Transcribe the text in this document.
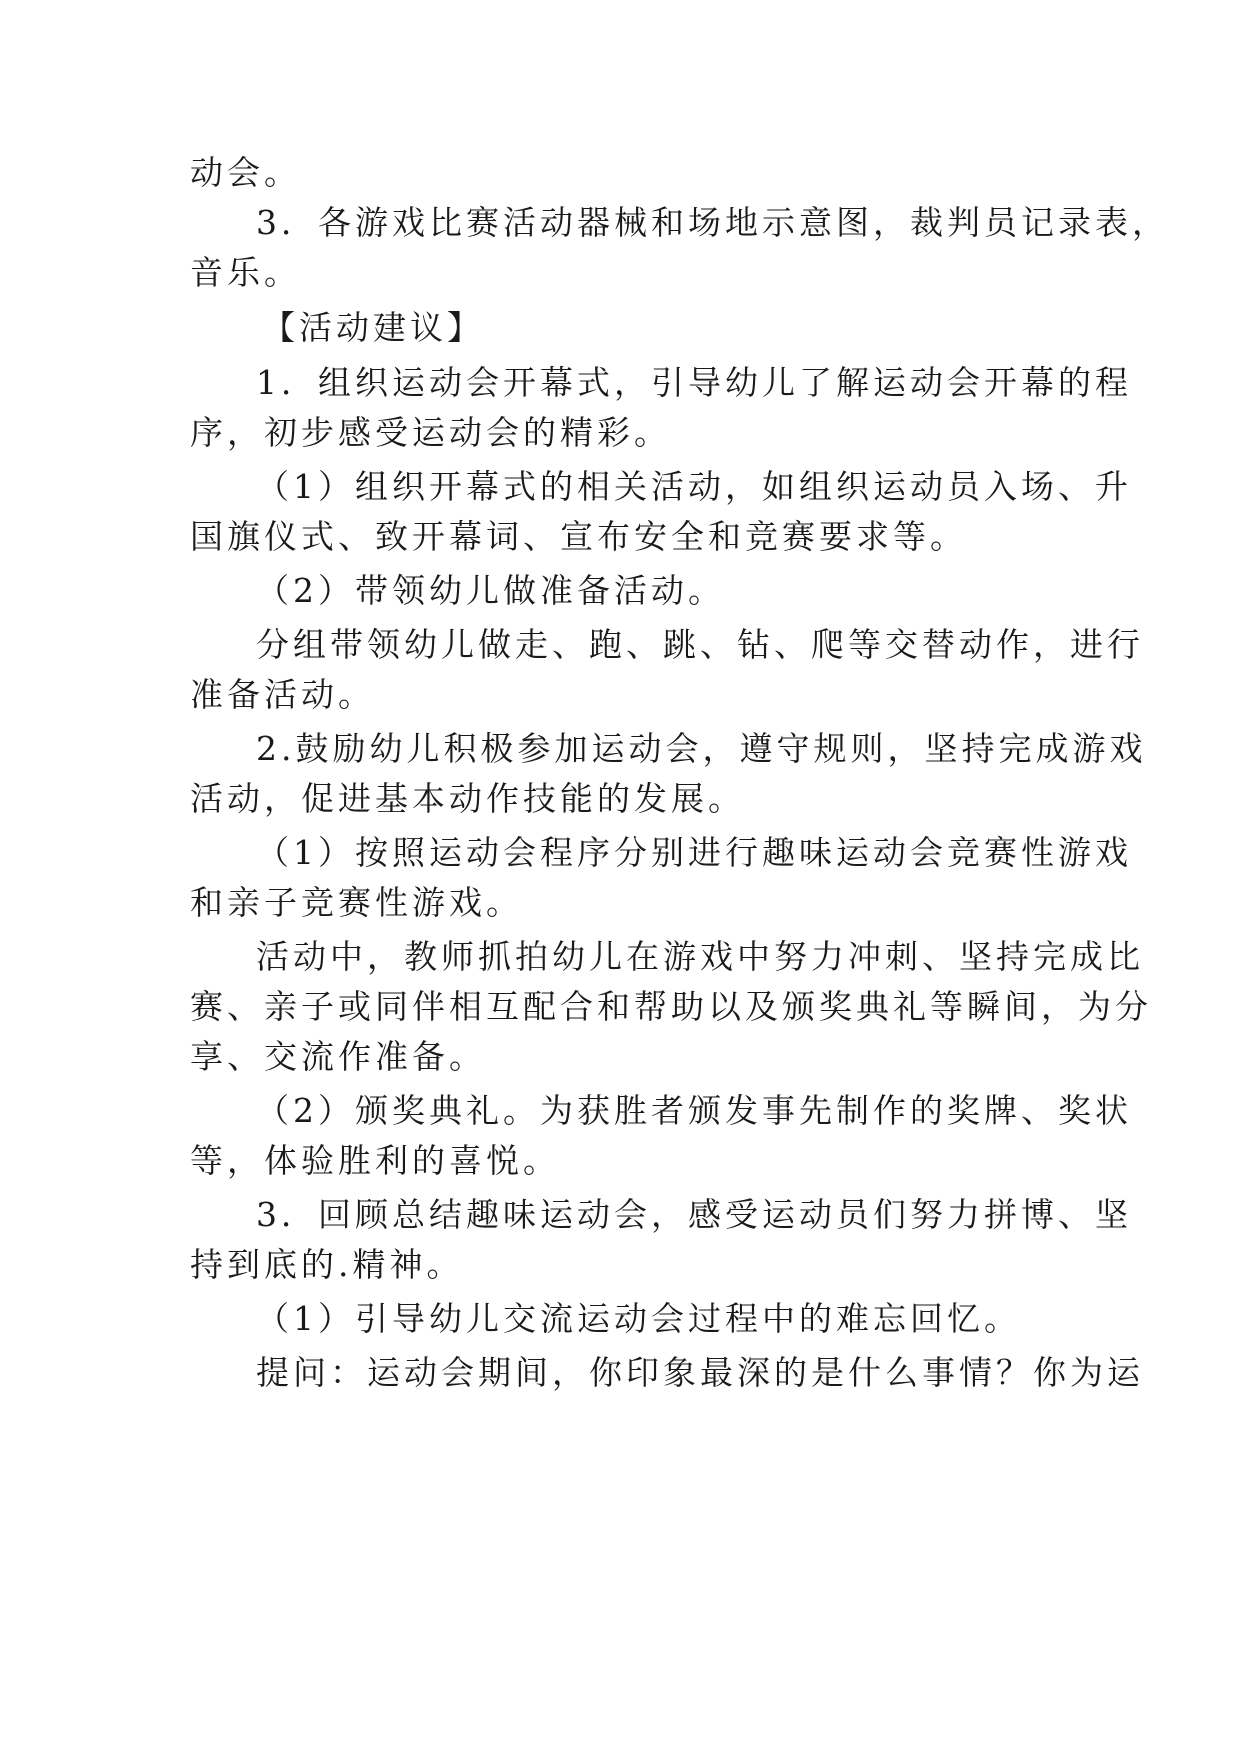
动会。

3．各游戏比赛活动器械和场地示意图，裁判员记录表，

音乐。

【活动建议】

1．组织运动会开幕式，引导幼儿了解运动会开幕的程

序，初步感受运动会的精彩。

（1）组织开幕式的相关活动，如组织运动员入场、升

国旗仪式、致开幕词、宣布安全和竞赛要求等。

（2）带领幼儿做准备活动。

分组带领幼儿做走、跑、跳、钻、爬等交替动作，进行

准备活动。

2.鼓励幼儿积极参加运动会，遵守规则，坚持完成游戏

活动，促进基本动作技能的发展。

（1）按照运动会程序分别进行趣味运动会竞赛性游戏

和亲子竞赛性游戏。

活动中，教师抓拍幼儿在游戏中努力冲刺、坚持完成比

赛、亲子或同伴相互配合和帮助以及颁奖典礼等瞬间，为分

享、交流作准备。

（2）颁奖典礼。为获胜者颁发事先制作的奖牌、奖状

等，体验胜利的喜悦。

3．回顾总结趣味运动会，感受运动员们努力拼博、坚

持到底的.精神。

（1）引导幼儿交流运动会过程中的难忘回忆。

提问：运动会期间，你印象最深的是什么事情？你为运
